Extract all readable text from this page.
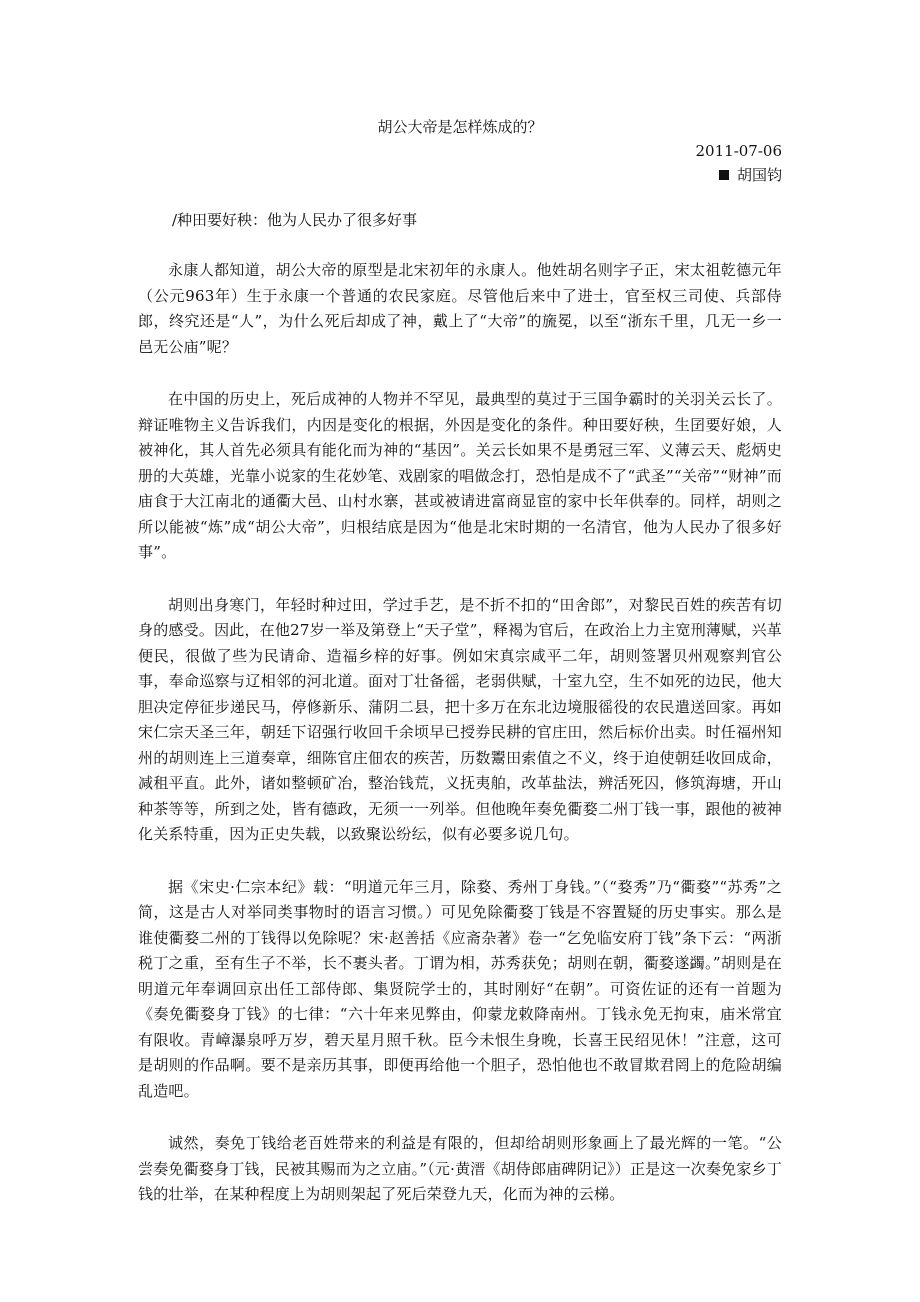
胡公大帝是怎样炼成的？
2011-07-06
胡国钧
/种田要好秧：他为人民办了很多好事

永康人都知道，胡公大帝的原型是北宋初年的永康人。他姓胡名则字子正，宋太祖乾德元年（公元963年）生于永康一个普通的农民家庭。尽管他后来中了进士，官至权三司使、兵部侍郎，终究还是“人”，为什么死后却成了神，戴上了“大帝”的旒冕，以至“浙东千里，几无一乡一邑无公庙”呢？

在中国的历史上，死后成神的人物并不罕见，最典型的莫过于三国争霸时的关羽关云长了。辩证唯物主义告诉我们，内因是变化的根据，外因是变化的条件。种田要好秧，生囝要好娘，人被神化，其人首先必须具有能化而为神的“基因”。关云长如果不是勇冠三军、义薄云天、彪炳史册的大英雄，光靠小说家的生花妙笔、戏剧家的唱做念打，恐怕是成不了“武圣”“关帝”“财神”而庙食于大江南北的通衢大邑、山村水寨，甚或被请进富商显宦的家中长年供奉的。同样，胡则之所以能被“炼”成“胡公大帝”，归根结底是因为“他是北宋时期的一名清官，他为人民办了很多好事”。

胡则出身寒门，年轻时种过田，学过手艺，是不折不扣的“田舍郎”，对黎民百姓的疾苦有切身的感受。因此，在他27岁一举及第登上“天子堂”，释褐为官后，在政治上力主宽刑薄赋，兴革便民，很做了些为民请命、造福乡梓的好事。例如宋真宗咸平二年，胡则签署贝州观察判官公事，奉命巡察与辽相邻的河北道。面对丁壮备徭，老弱供赋，十室九空，生不如死的边民，他大胆决定停征步递民马，停修新乐、蒲阴二县，把十多万在东北边境服徭役的农民遣送回家。再如宋仁宗天圣三年，朝廷下诏强行收回千余顷早已授券民耕的官庄田，然后标价出卖。时任福州知州的胡则连上三道奏章，细陈官庄佃农的疾苦，历数鬻田索值之不义，终于迫使朝廷收回成命，减租平直。此外，诸如整顿矿冶，整治钱荒，义抚夷舶，改革盐法，辨活死囚，修筑海塘，开山种茶等等，所到之处，皆有德政，无须一一列举。但他晚年奏免衢婺二州丁钱一事，跟他的被神化关系特重，因为正史失载，以致聚讼纷纭，似有必要多说几句。

据《宋史·仁宗本纪》载：“明道元年三月，除婺、秀州丁身钱。”（“婺秀”乃“衢婺”“苏秀”之简，这是古人对举同类事物时的语言习惯。）可见免除衢婺丁钱是不容置疑的历史事实。那么是谁使衢婺二州的丁钱得以免除呢？宋·赵善括《应斋杂著》卷一“乞免临安府丁钱”条下云：“两浙税丁之重，至有生子不举，长不裹头者。丁谓为相，苏秀获免；胡则在朝，衢婺遂蠲。”胡则是在明道元年奉调回京出任工部侍郎、集贤院学士的，其时刚好“在朝”。可资佐证的还有一首题为《奏免衢婺身丁钱》的七律：“六十年来见弊由，仰蒙龙敕降南州。丁钱永免无拘束，庙米常宜有限收。青嶂瀑泉呼万岁，碧天星月照千秋。臣今未恨生身晚，长喜王民绍见休！”注意，这可是胡则的作品啊。要不是亲历其事，即便再给他一个胆子，恐怕他也不敢冒欺君罔上的危险胡编乱造吧。

诚然，奏免丁钱给老百姓带来的利益是有限的，但却给胡则形象画上了最光辉的一笔。“公尝奏免衢婺身丁钱，民被其赐而为之立庙。”（元·黄溍《胡侍郎庙碑阴记》）正是这一次奏免家乡丁钱的壮举，在某种程度上为胡则架起了死后荣登九天，化而为神的云梯。
